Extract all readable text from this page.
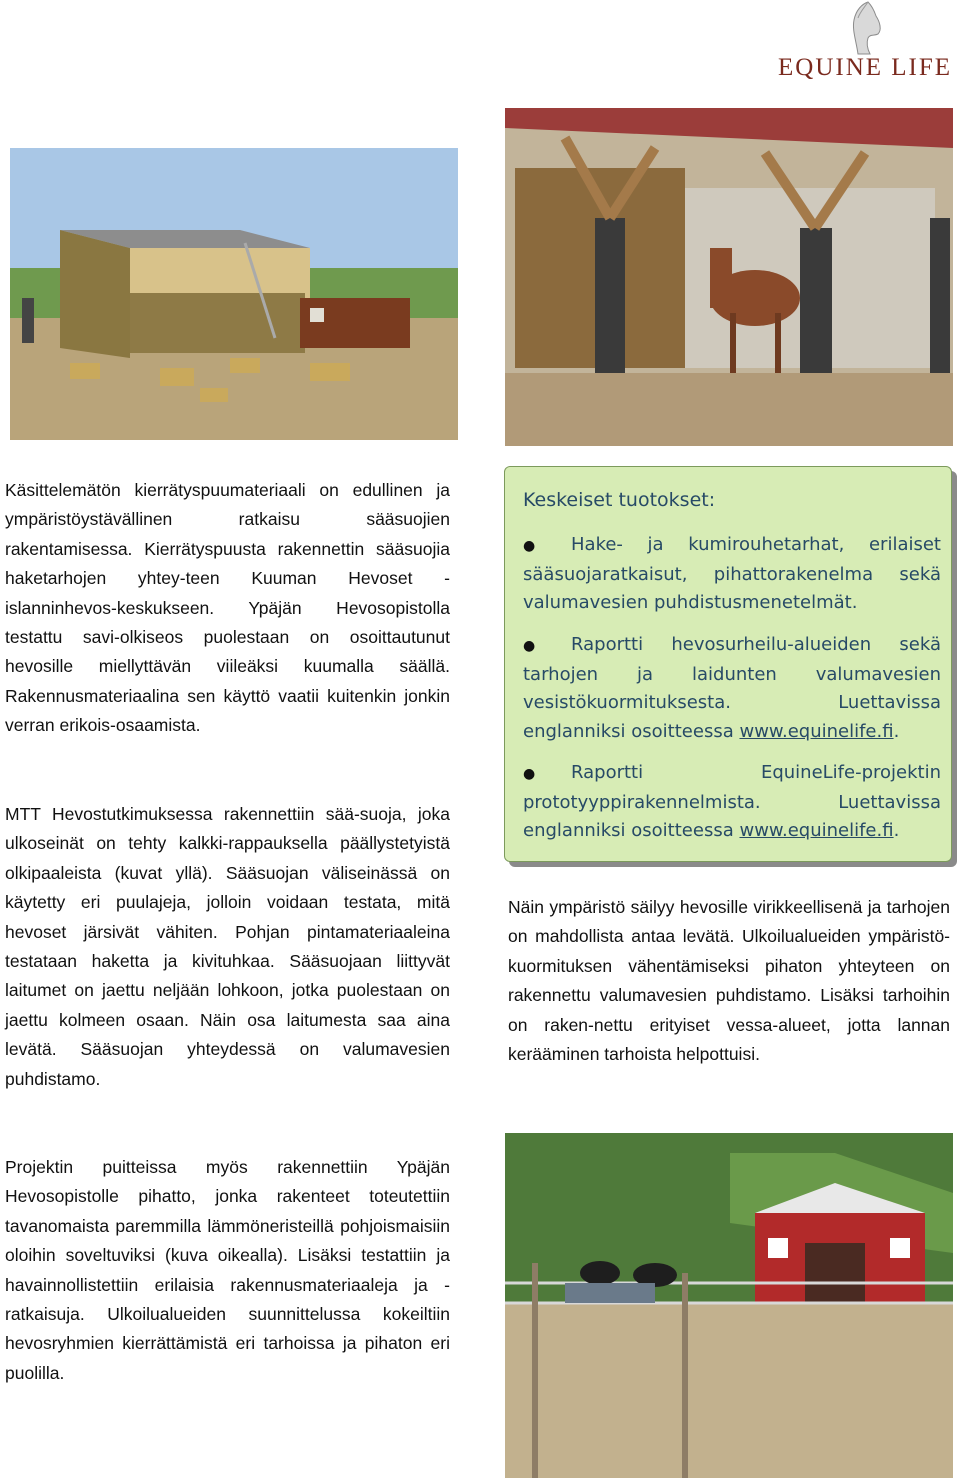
EQUINE LIFE
Käsittelemätön kierrätyspuumateriaali on edullinen ja ympäristöystävällinen ratkaisu sääsuojien rakentamisessa. Kierrätyspuusta rakennettin sääsuojia haketarhojen yhtey-teen Kuuman Hevoset -islanninhevos-keskukseen. Ypäjän Hevosopistolla testattu savi-olkiseos puolestaan on osoittautunut hevosille miellyttävän viileäksi kuumalla säällä. Rakennusmateriaalina sen käyttö vaatii kuitenkin jonkin verran erikois-osaamista.
MTT Hevostutkimuksessa rakennettiin sää-suoja, joka ulkoseinät on tehty kalkki-rappauksella päällystetyistä olkipaaleista (kuvat yllä). Sääsuojan väliseinässä on käytetty eri puulajeja, jolloin voidaan testata, mitä hevoset järsivät vähiten. Pohjan pintamateriaaleina testataan haketta ja kivituhkaa. Sääsuojaan liittyvät laitumet on jaettu neljään lohkoon, jotka puolestaan on jaettu kolmeen osaan. Näin osa laitumesta saa aina levätä. Sääsuojan yhteydessä on valumavesien puhdistamo.
Keskeiset tuotokset:
● Hake- ja kumirouhetarhat, erilaiset sääsuojaratkaisut, pihattorakenelma sekä valumavesien puhdistusmenetelmät.
● Raportti hevosurheilu-alueiden sekä tarhojen ja laidunten valumavesien vesistökuormituksesta. Luettavissa englanniksi osoitteessa www.equinelife.fi.
● Raportti EquineLife-projektin prototyyppirakennelmista. Luettavissa englanniksi osoitteessa www.equinelife.fi.
Näin ympäristö säilyy hevosille virikkeellisenä ja tarhojen on mahdollista antaa levätä. Ulkoilualueiden ympäristö-kuormituksen vähentämiseksi pihaton yhteyteen on rakennettu valumavesien puhdistamo. Lisäksi tarhoihin on raken-nettu erityiset vessa-alueet, jotta lannan kerääminen tarhoista helpottuisi.
Projektin puitteissa myös rakennettiin Ypäjän Hevosopistolle pihatto, jonka rakenteet toteutettiin tavanomaista paremmilla lämmöneristeillä pohjoismaisiin oloihin soveltuviksi (kuva oikealla). Lisäksi testattiin ja havainnollistettiin erilaisia rakennusmateriaaleja ja -ratkaisuja. Ulkoilualueiden suunnittelussa kokeiltiin hevosryhmien kierrättämistä eri tarhoissa ja pihaton eri puolilla.
